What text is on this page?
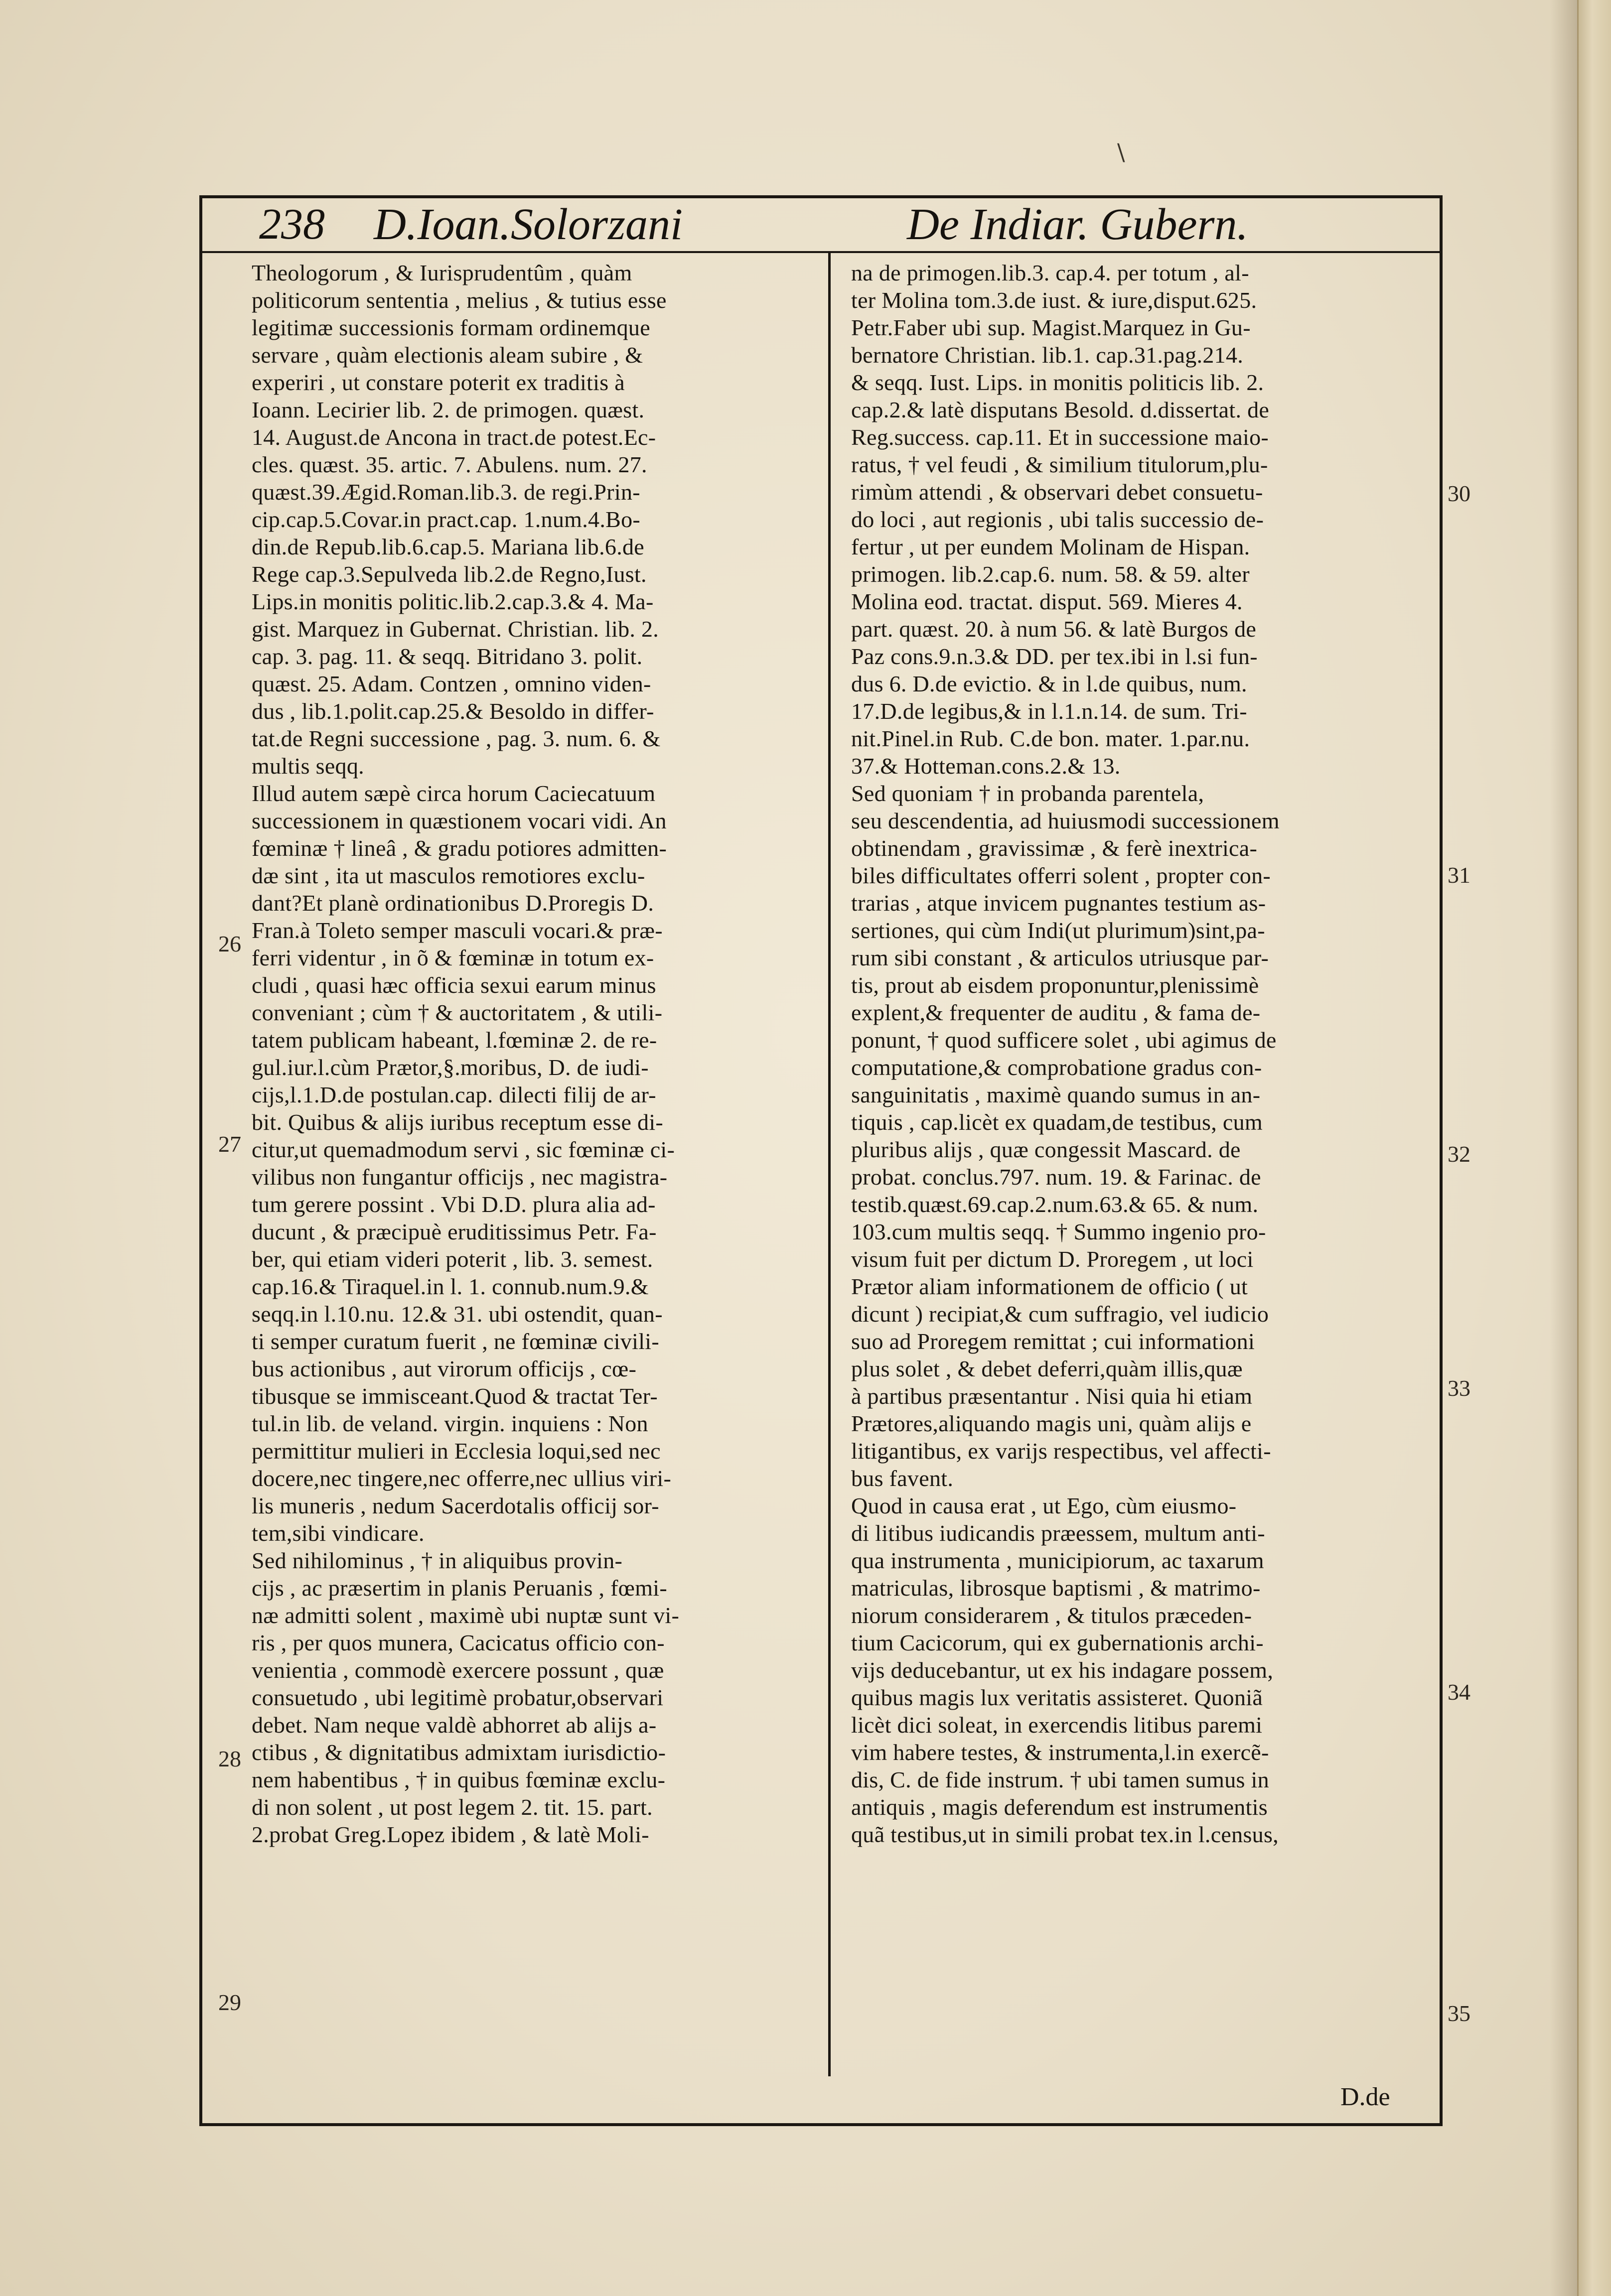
\
238 D.Ioan.Solorzani	De Indiar. Gubern.
Theologorum , & Iurisprudentûm , quàm
politicorum sententia , melius , & tutius esse
legitimæ successionis formam ordinemque
servare , quàm electionis aleam subire , &
experiri , ut constare poterit ex traditis à
Ioann. Lecirier lib. 2. de primogen. quæst.
14. August.de Ancona in tract.de potest.Ec-
cles. quæst. 35. artic. 7. Abulens. num. 27.
quæst.39.Ægid.Roman.lib.3. de regi.Prin-
cip.cap.5.Covar.in pract.cap. 1.num.4.Bo-
din.de Repub.lib.6.cap.5. Mariana lib.6.de
Rege cap.3.Sepulveda lib.2.de Regno,Iust.
Lips.in monitis politic.lib.2.cap.3.& 4. Ma-
gist. Marquez in Gubernat. Christian. lib. 2.
cap. 3. pag. 11. & seqq. Bitridano 3. polit.
quæst. 25. Adam. Contzen , omnino viden-
dus , lib.1.polit.cap.25.& Besoldo in differ-
tat.de Regni successione , pag. 3. num. 6. &
multis seqq.
Illud autem sæpè circa horum Caciecatuum
successionem in quæstionem vocari vidi. An
fœminæ † lineâ , & gradu potiores admitten-
dæ sint , ita ut masculos remotiores exclu-
dant?Et planè ordinationibus D.Proregis D.
Fran.à Toleto semper masculi vocari.& præ-
ferri videntur , in õ & fœminæ in totum ex-
cludi , quasi hæc officia sexui earum minus
conveniant ; cùm † & auctoritatem , & utili-
tatem publicam habeant, l.fœminæ 2. de re-
gul.iur.l.cùm Prætor,§.moribus, D. de iudi-
cijs,l.1.D.de postulan.cap. dilecti filij de ar-
bit. Quibus & alijs iuribus receptum esse di-
citur,ut quemadmodum servi , sic fœminæ ci-
vilibus non fungantur officijs , nec magistra-
tum gerere possint . Vbi D.D. plura alia ad-
ducunt , & præcipuè eruditissimus Petr. Fa-
ber, qui etiam videri poterit , lib. 3. semest.
cap.16.& Tiraquel.in l. 1. connub.num.9.&
seqq.in l.10.nu. 12.& 31. ubi ostendit, quan-
ti semper curatum fuerit , ne fœminæ civili-
bus actionibus , aut virorum officijs , cœ-
tibusque se immisceant.Quod & tractat Ter-
tul.in lib. de veland. virgin. inquiens : Non
permittitur mulieri in Ecclesia loqui,sed nec
docere,nec tingere,nec offerre,nec ullius viri-
lis muneris , nedum Sacerdotalis officij sor-
tem,sibi vindicare.
Sed nihilominus , † in aliquibus provin-
cijs , ac præsertim in planis Peruanis , fœmi-
næ admitti solent , maximè ubi nuptæ sunt vi-
ris , per quos munera, Cacicatus officio con-
venientia , commodè exercere possunt , quæ
consuetudo , ubi legitimè probatur,observari
debet. Nam neque valdè abhorret ab alijs a-
ctibus , & dignitatibus admixtam iurisdictio-
nem habentibus , † in quibus fœminæ exclu-
di non solent , ut post legem 2. tit. 15. part.
2.probat Greg.Lopez ibidem , & latè Moli-
na de primogen.lib.3. cap.4. per totum , al-
ter Molina tom.3.de iust. & iure,disput.625.
Petr.Faber ubi sup. Magist.Marquez in Gu-
bernatore Christian. lib.1. cap.31.pag.214.
& seqq. Iust. Lips. in monitis politicis lib. 2.
cap.2.& latè disputans Besold. d.dissertat. de
Reg.success. cap.11. Et in successione maio-
ratus, † vel feudi , & similium titulorum,plu-
rimùm attendi , & observari debet consuetu-
do loci , aut regionis , ubi talis successio de-
fertur , ut per eundem Molinam de Hispan.
primogen. lib.2.cap.6. num. 58. & 59. alter
Molina eod. tractat. disput. 569. Mieres 4.
part. quæst. 20. à num 56. & latè Burgos de
Paz cons.9.n.3.& DD. per tex.ibi in l.si fun-
dus 6. D.de evictio. & in l.de quibus, num.
17.D.de legibus,& in l.1.n.14. de sum. Tri-
nit.Pinel.in Rub. C.de bon. mater. 1.par.nu.
37.& Hotteman.cons.2.& 13.
Sed quoniam † in probanda parentela,
seu descendentia, ad huiusmodi successionem
obtinendam , gravissimæ , & ferè inextrica-
biles difficultates offerri solent , propter con-
trarias , atque invicem pugnantes testium as-
sertiones, qui cùm Indi(ut plurimum)sint,pa-
rum sibi constant , & articulos utriusque par-
tis, prout ab eisdem proponuntur,plenissimè
explent,& frequenter de auditu , & fama de-
ponunt, † quod sufficere solet , ubi agimus de
computatione,& comprobatione gradus con-
sanguinitatis , maximè quando sumus in an-
tiquis , cap.licèt ex quadam,de testibus, cum
pluribus alijs , quæ congessit Mascard. de
probat. conclus.797. num. 19. & Farinac. de
testib.quæst.69.cap.2.num.63.& 65. & num.
103.cum multis seqq. † Summo ingenio pro-
visum fuit per dictum D. Proregem , ut loci
Prætor aliam informationem de officio ( ut
dicunt ) recipiat,& cum suffragio, vel iudicio
suo ad Proregem remittat ; cui informationi
plus solet , & debet deferri,quàm illis,quæ
à partibus præsentantur . Nisi quia hi etiam
Prætores,aliquando magis uni, quàm alijs e
litigantibus, ex varijs respectibus, vel affecti-
bus favent.
Quod in causa erat , ut Ego, cùm eiusmo-
di litibus iudicandis præessem, multum anti-
qua instrumenta , municipiorum, ac taxarum
matriculas, librosque baptismi , & matrimo-
niorum considerarem , & titulos præceden-
tium Cacicorum, qui ex gubernationis archi-
vijs deducebantur, ut ex his indagare possem,
quibus magis lux veritatis assisteret. Quoniã
licèt dici soleat, in exercendis litibus paremi
vim habere testes, & instrumenta,l.in exercẽ-
dis, C. de fide instrum. † ubi tamen sumus in
antiquis , magis deferendum est instrumentis
quã testibus,ut in simili probat tex.in l.census,
26
27
28
29
30
31
32
33
34
35
D.de
